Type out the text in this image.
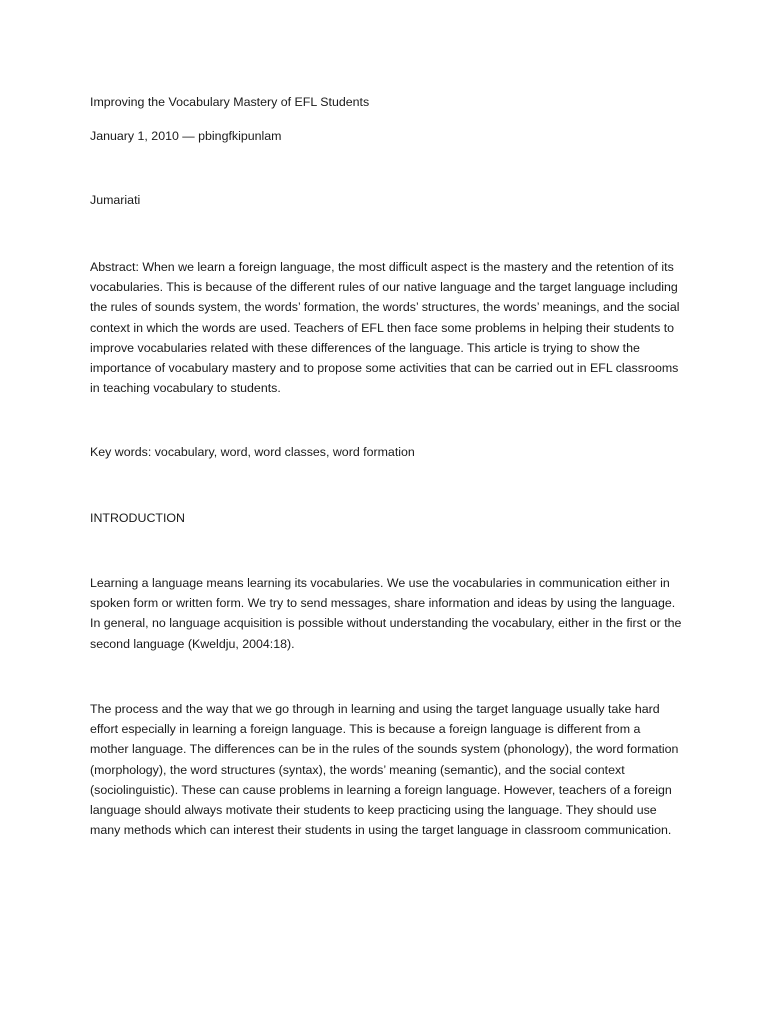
Improving the Vocabulary Mastery of EFL Students

January 1, 2010 — pbingfkipunlam

Jumariati

Abstract: When we learn a foreign language, the most difficult aspect is the mastery and the retention of its vocabularies. This is because of the different rules of our native language and the target language including the rules of sounds system, the words’ formation, the words’ structures, the words’ meanings, and the social context in which the words are used. Teachers of EFL then face some problems in helping their students to improve vocabularies related with these differences of the language. This article is trying to show the importance of vocabulary mastery and to propose some activities that can be carried out in EFL classrooms in teaching vocabulary to students.

Key words: vocabulary, word, word classes, word formation

INTRODUCTION

Learning a language means learning its vocabularies. We use the vocabularies in communication either in spoken form or written form. We try to send messages, share information and ideas by using the language. In general, no language acquisition is possible without understanding the vocabulary, either in the first or the second language (Kweldju, 2004:18).

The process and the way that we go through in learning and using the target language usually take hard effort especially in learning a foreign language. This is because a foreign language is different from a mother language. The differences can be in the rules of the sounds system (phonology), the word formation (morphology), the word structures (syntax), the words’ meaning (semantic), and the social context (sociolinguistic). These can cause problems in learning a foreign language. However, teachers of a foreign language should always motivate their students to keep practicing using the language. They should use many methods which can interest their students in using the target language in classroom communication.
